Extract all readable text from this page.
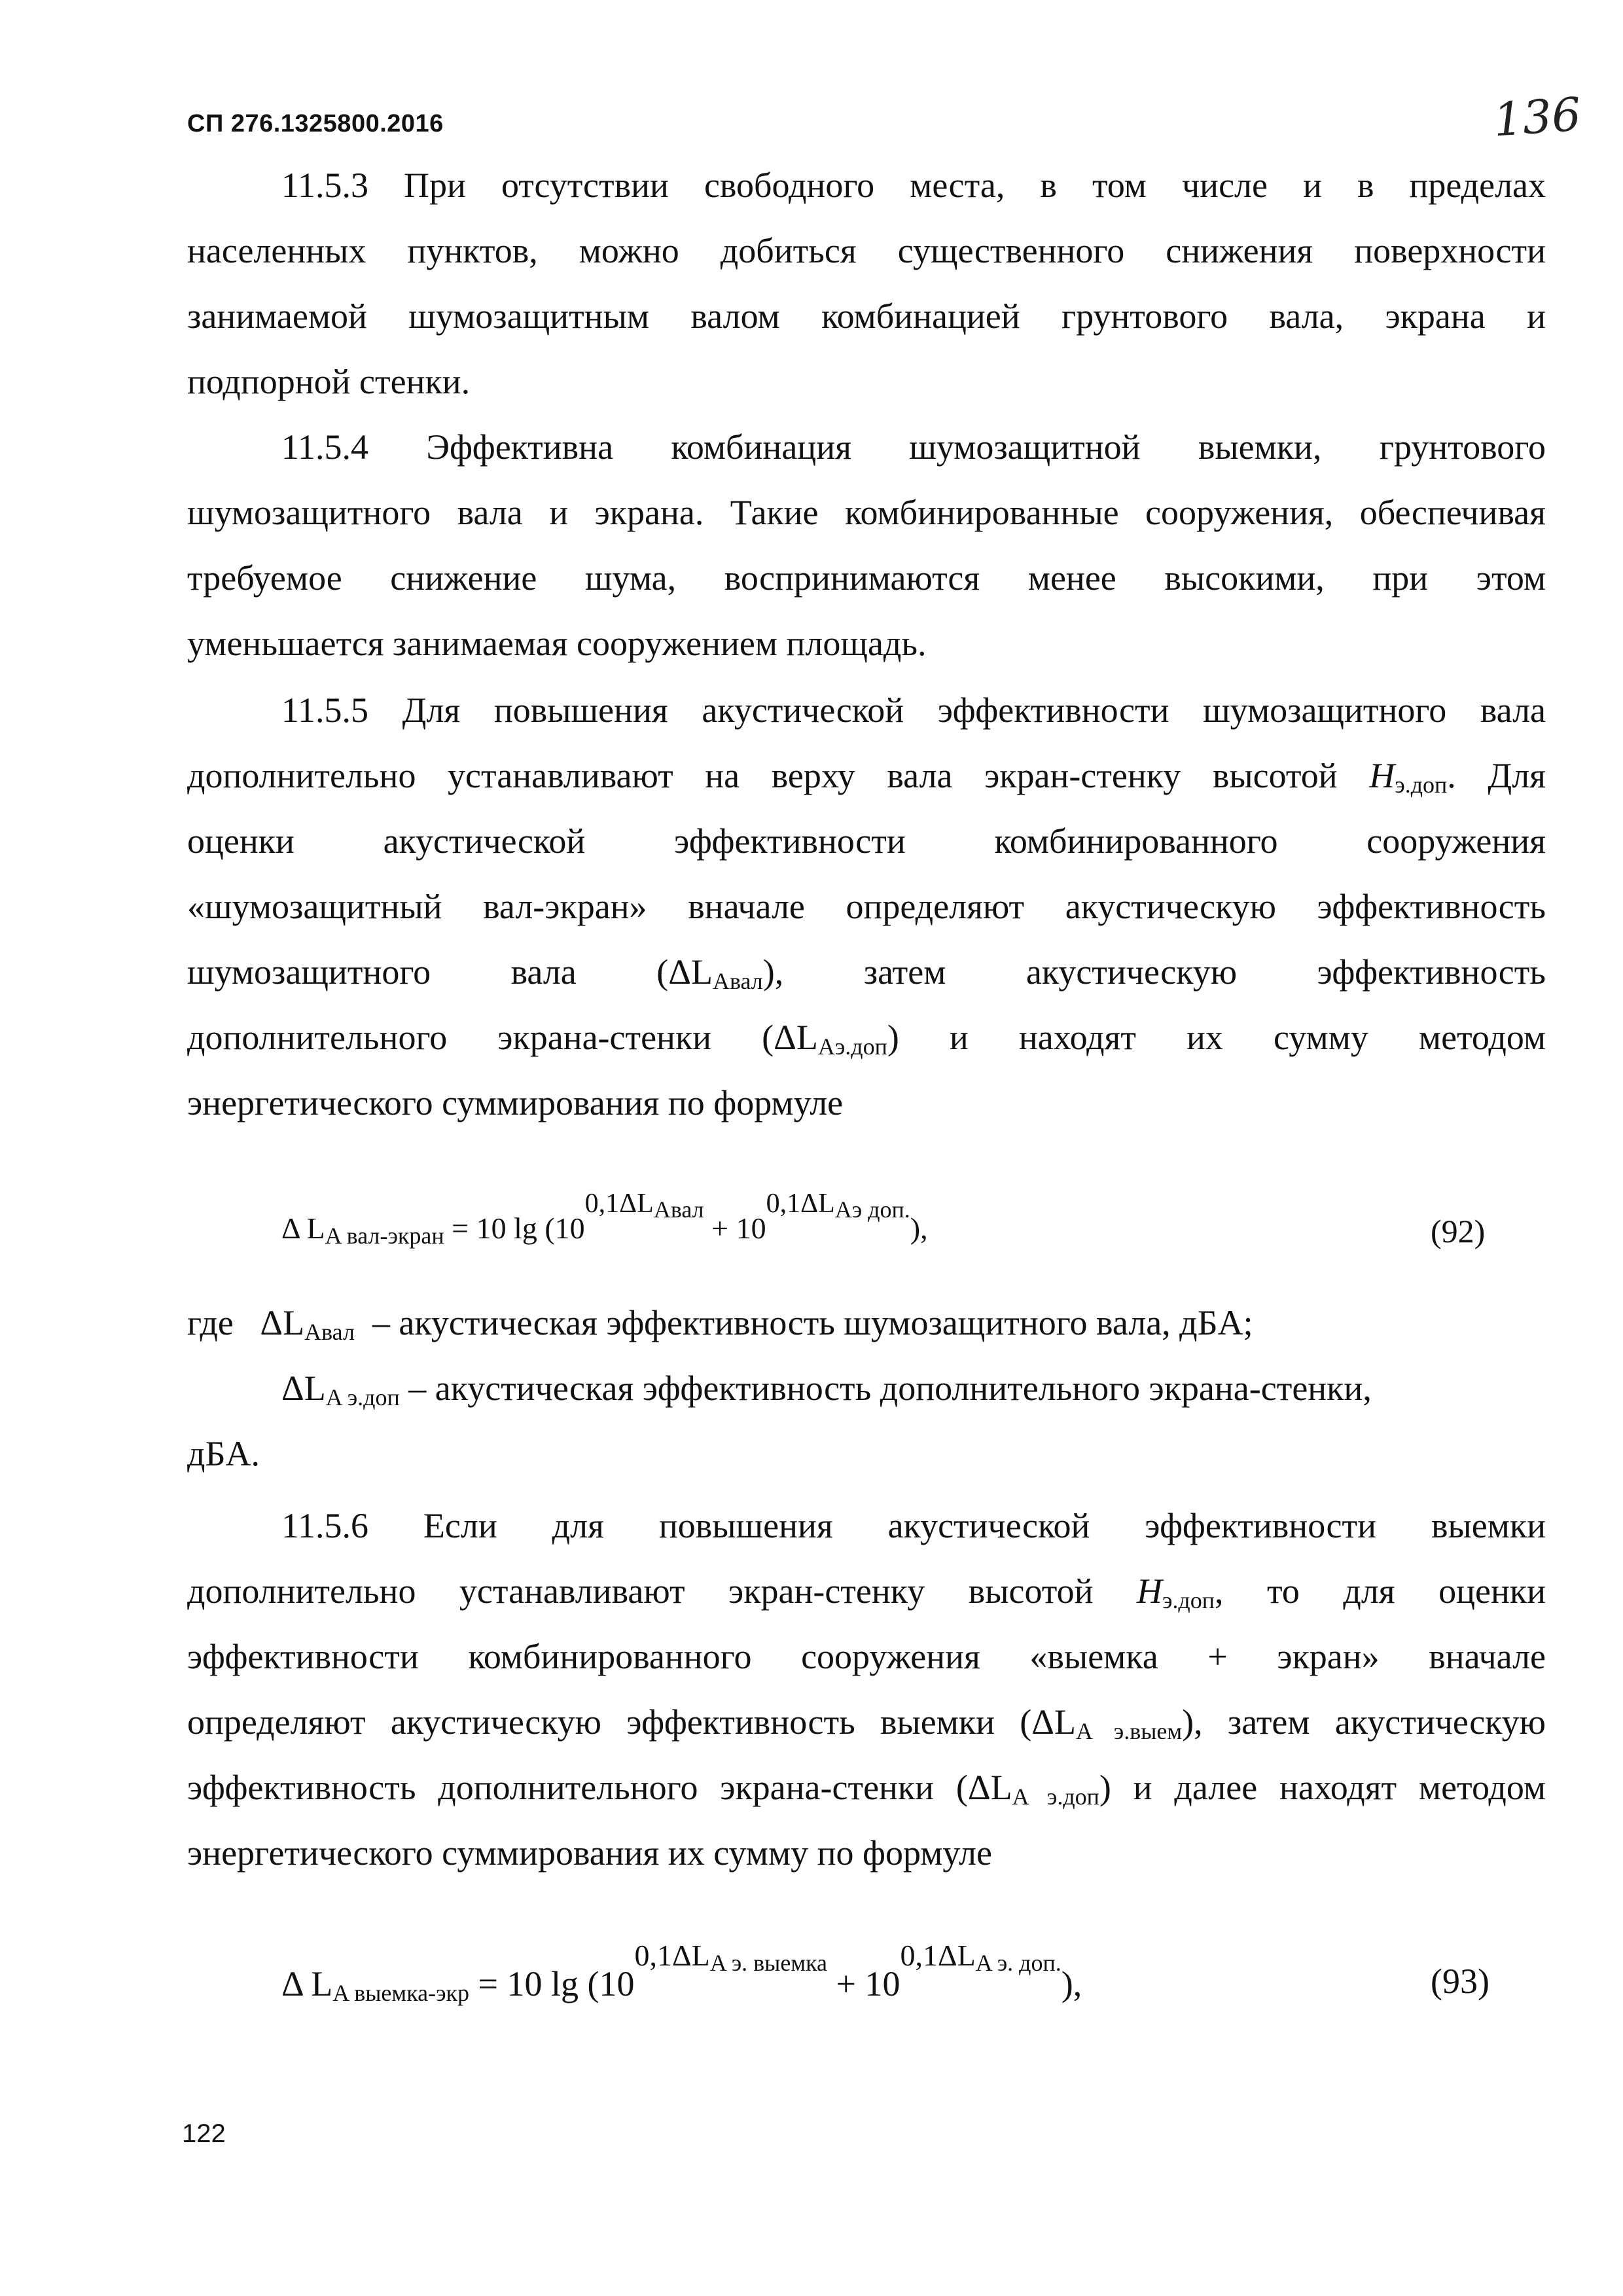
СП 276.1325800.2016	136
11.5.3 При отсутствии свободного места, в том числе и в пределах
населенных пунктов, можно добиться существенного снижения поверхности
занимаемой шумозащитным валом комбинацией грунтового вала, экрана и
подпорной стенки.
11.5.4 Эффективна комбинация шумозащитной выемки, грунтового
шумозащитного вала и экрана. Такие комбинированные сооружения, обеспечивая
требуемое снижение шума, воспринимаются менее высокими, при этом
уменьшается занимаемая сооружением площадь.
11.5.5 Для повышения акустической эффективности шумозащитного вала
дополнительно устанавливают на верху вала экран-стенку высотой $H_{э.доп}$. Для
оценки акустической эффективности комбинированного сооружения
«шумозащитный вал-экран» вначале определяют акустическую эффективность
шумозащитного вала $(\Delta L_{Aвал})$, затем акустическую эффективность
дополнительного экрана-стенки $(\Delta L_{Aэ.доп})$ и находят их сумму методом
энергетического суммирования по формуле
Δ $L_{A вал-экран} = 10$ lg (100,1ΔLAвал + 100,1ΔLAэ доп.),	(92)
где $\Delta L_{Aвал}$ – акустическая эффективность шумозащитного вала, дБA;
$\Delta L_{A э.доп}$ – акустическая эффективность дополнительного экрана-стенки,
дБA.
11.5.6 Если для повышения акустической эффективности выемки
дополнительно устанавливают экран-стенку высотой $H_{э.доп}$, то для оценки
эффективности комбинированного сооружения «выемка + экран» вначале
определяют акустическую эффективность выемки $(\Delta L_{A э.выем})$, затем акустическую
эффективность дополнительного экрана-стенки $(\Delta L_{A э.доп})$ и далее находят методом
энергетического суммирования их сумму по формуле
Δ $L_{A выемка-экр} = 10$ $\lg (100,1\Delta L_{A э. выемка} + 100,1\Delta L_{A э. доп.})$,	(93)
122
